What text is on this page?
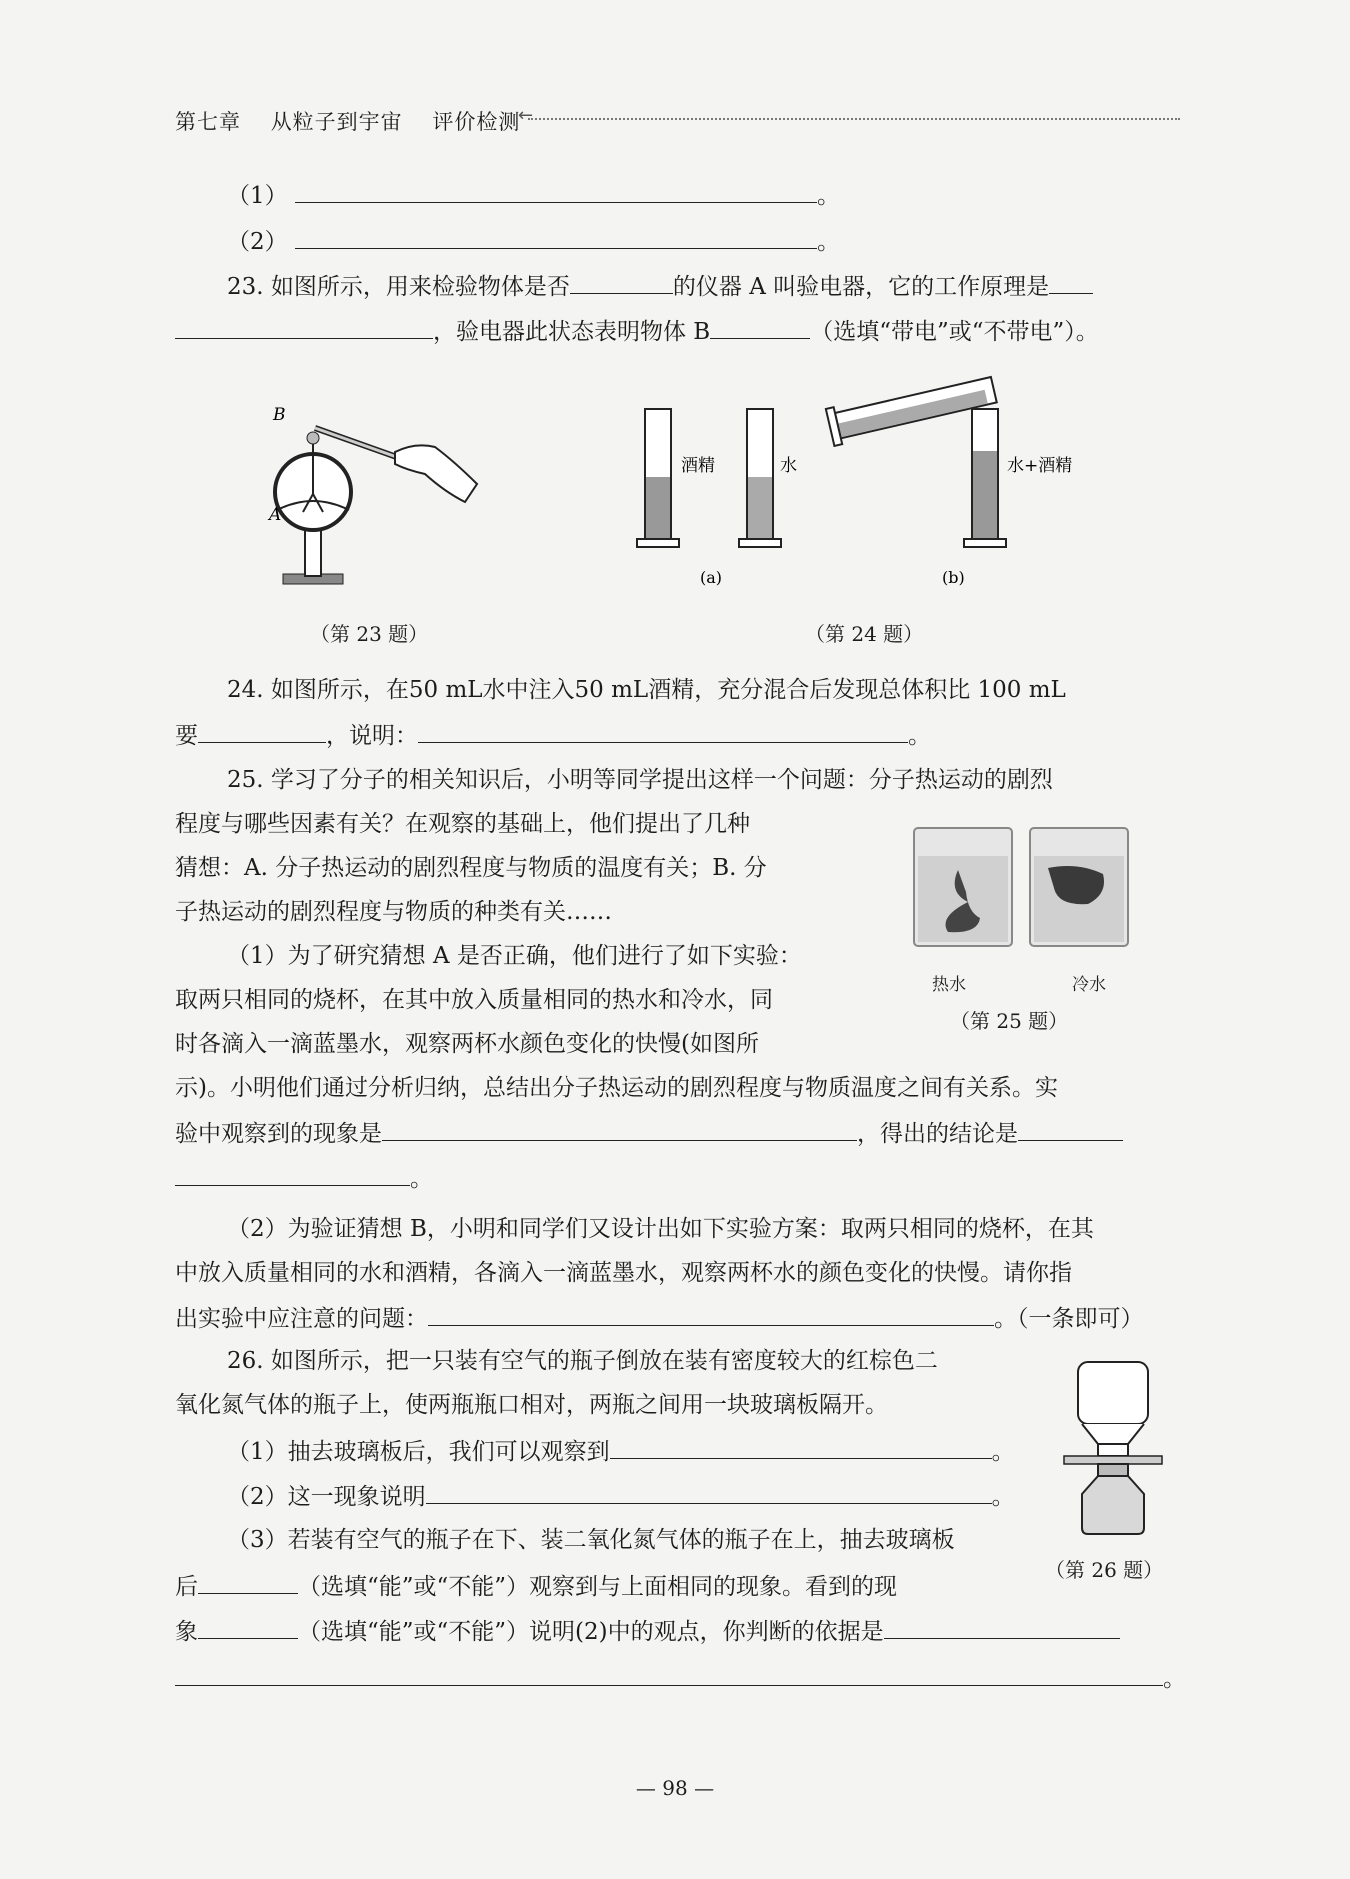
第七章 从粒子到宇宙 评价检测
←
（1）	。
（2）	。
23. 如图所示，用来检验物体是否	的仪器 A 叫验电器，它的工作原理是
，验电器此状态表明物体 B	（选填“带电”或“不带电”）。
A
B
（第 23 题）
酒精	水	水+酒精
(a)	(b)
（第 24 题）
24. 如图所示，在50 mL水中注入50 mL酒精，充分混合后发现总体积比 100 mL
要	，说明：	。
25. 学习了分子的相关知识后，小明等同学提出这样一个问题：分子热运动的剧烈
程度与哪些因素有关？在观察的基础上，他们提出了几种
猜想：A. 分子热运动的剧烈程度与物质的温度有关；B. 分
子热运动的剧烈程度与物质的种类有关……
（1）为了研究猜想 A 是否正确，他们进行了如下实验：
取两只相同的烧杯，在其中放入质量相同的热水和冷水，同
时各滴入一滴蓝墨水，观察两杯水颜色变化的快慢(如图所
示)。小明他们通过分析归纳，总结出分子热运动的剧烈程度与物质温度之间有关系。实
验中观察到的现象是	，得出的结论是
。
（2）为验证猜想 B，小明和同学们又设计出如下实验方案：取两只相同的烧杯，在其
中放入质量相同的水和酒精，各滴入一滴蓝墨水，观察两杯水的颜色变化的快慢。请你指
出实验中应注意的问题：	。（一条即可）
热水	冷水
（第 25 题）
26. 如图所示，把一只装有空气的瓶子倒放在装有密度较大的红棕色二
氧化氮气体的瓶子上，使两瓶瓶口相对，两瓶之间用一块玻璃板隔开。
（1）抽去玻璃板后，我们可以观察到	。
（2）这一现象说明	。
（3）若装有空气的瓶子在下、装二氧化氮气体的瓶子在上，抽去玻璃板
后	（选填“能”或“不能”）观察到与上面相同的现象。看到的现
象	（选填“能”或“不能”）说明(2)中的观点，你判断的依据是
。
（第 26 题）
— 98 —
